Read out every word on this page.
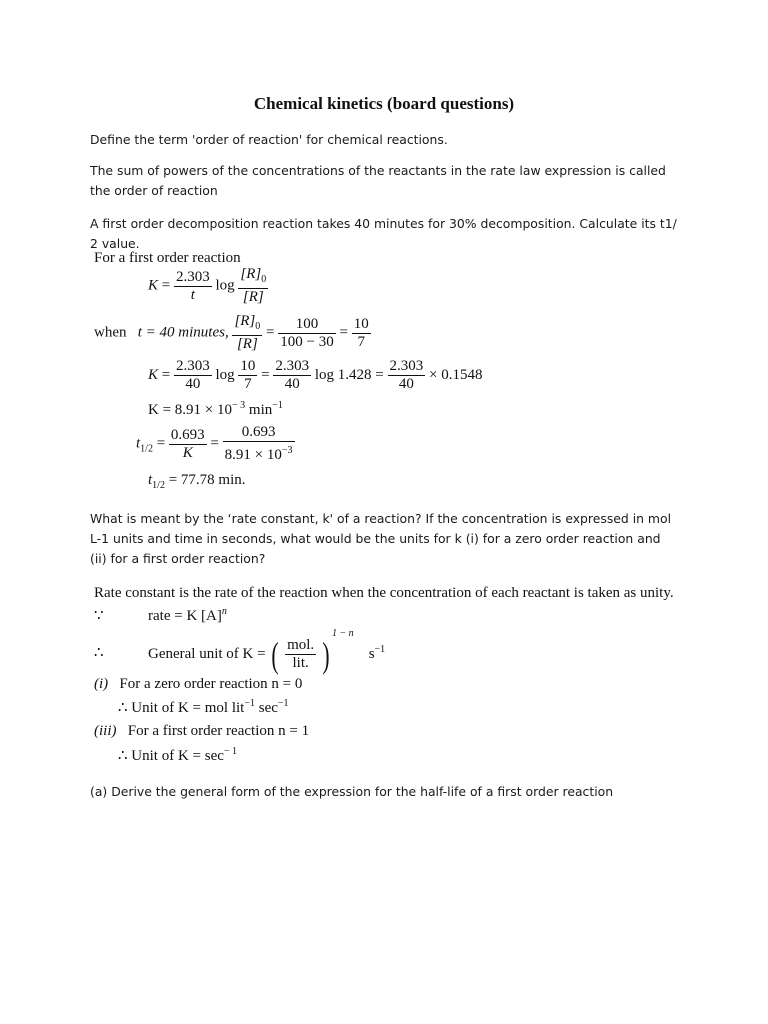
Chemical kinetics (board questions)
Define the term 'order of reaction' for chemical reactions.
The sum of powers of the concentrations of the reactants in the rate law expression is called the order of reaction
A first order decomposition reaction takes 40 minutes for 30% decomposition. Calculate its t1/ 2 value.
For a first order reaction
$K = \frac{2.303}{t}$ $\log \frac{[R]_0}{[R]}$
when t = 40 minutes, $\frac{[R]_0}{[R]} = \frac{100}{100 - 30} = \frac{10}{7}$
$K = \frac{2.303}{40}$ $\log \frac{10}{7} = \frac{2.303}{40}$ $\log 1.428 = \frac{2.303}{40} \times 0.1548$
$K = 8.91 \times 10^{- 3}$ $\min^{-1}$
$t_{1/2} = \frac{0.693}{K} = \frac{0.693}{8.91 \times 10^{-3}}$
$t_{1/2} = 77.78$ min.
What is meant by the ‘rate constant, k' of a reaction? If the concentration is expressed in mol L-1 units and time in seconds, what would be the units for k (i) for a zero order reaction and (ii) for a first order reaction?
Rate constant is the rate of the reaction when the concentration of each reactant is taken as unity.
∵	rate = K $[A]^n$
∴	General unit of K = ( $\frac{\text{mol.}}{\text{lit.}} )^{1 - n}$    $s^{-1}$
(i) For a zero order reaction n = 0
∴ Unit of K = mol lit$^{-1}$ $\sec^{-1}$
(iii) For a first order reaction n = 1
∴ Unit of $K = \sec^{- 1}$
(a) Derive the general form of the expression for the half-life of a first order reaction
